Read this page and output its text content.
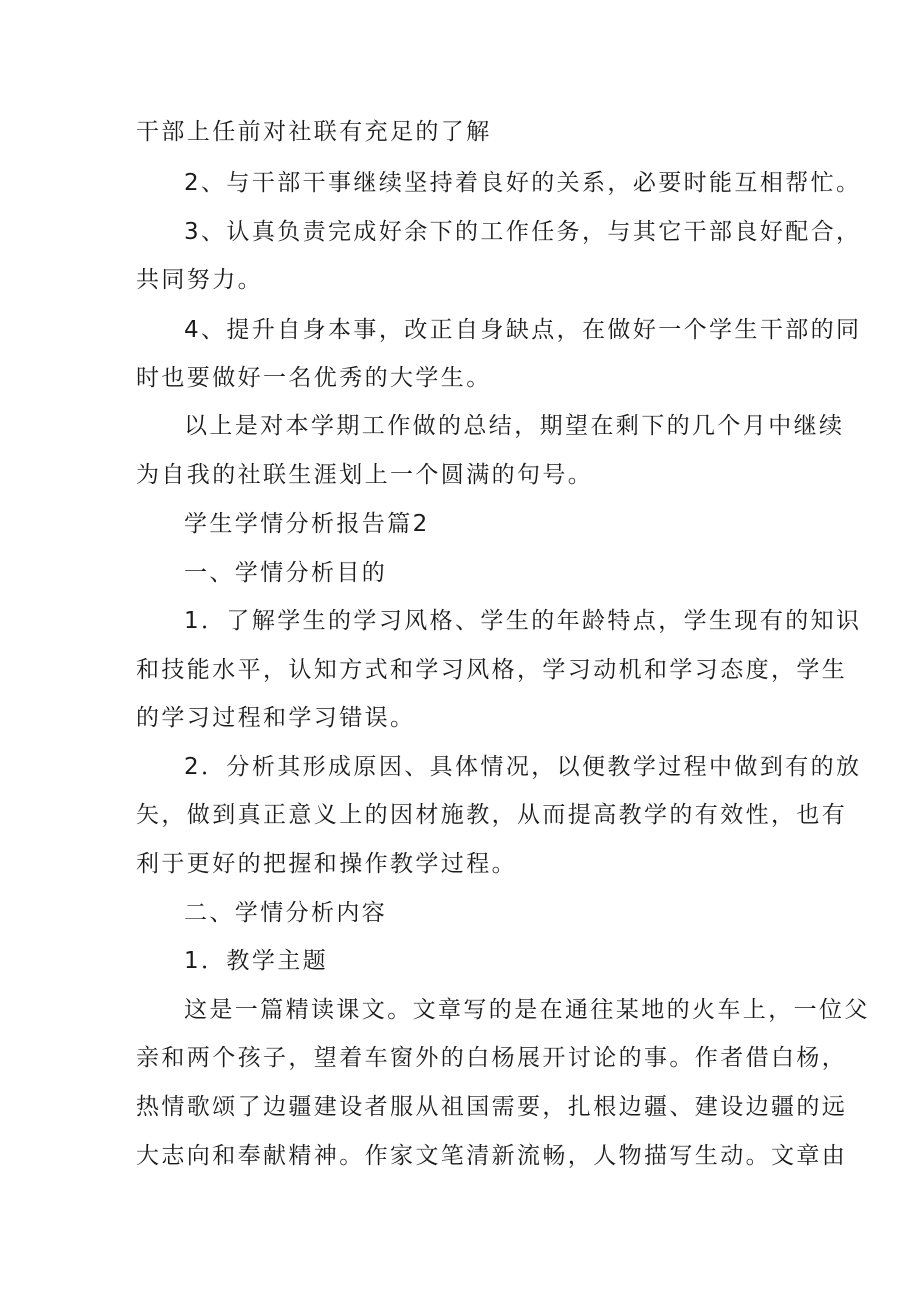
干部上任前对社联有充足的了解
2、与干部干事继续坚持着良好的关系，必要时能互相帮忙。
3、认真负责完成好余下的工作任务，与其它干部良好配合，
共同努力。
4、提升自身本事，改正自身缺点，在做好一个学生干部的同
时也要做好一名优秀的大学生。
以上是对本学期工作做的总结，期望在剩下的几个月中继续
为自我的社联生涯划上一个圆满的句号。
学生学情分析报告篇2
一、学情分析目的
1．了解学生的学习风格、学生的年龄特点，学生现有的知识
和技能水平，认知方式和学习风格，学习动机和学习态度，学生
的学习过程和学习错误。
2．分析其形成原因、具体情况，以便教学过程中做到有的放
矢，做到真正意义上的因材施教，从而提高教学的有效性，也有
利于更好的把握和操作教学过程。
二、学情分析内容
1．教学主题
这是一篇精读课文。文章写的是在通往某地的火车上，一位父
亲和两个孩子，望着车窗外的白杨展开讨论的事。作者借白杨，
热情歌颂了边疆建设者服从祖国需要，扎根边疆、建设边疆的远
大志向和奉献精神。作家文笔清新流畅，人物描写生动。文章由
